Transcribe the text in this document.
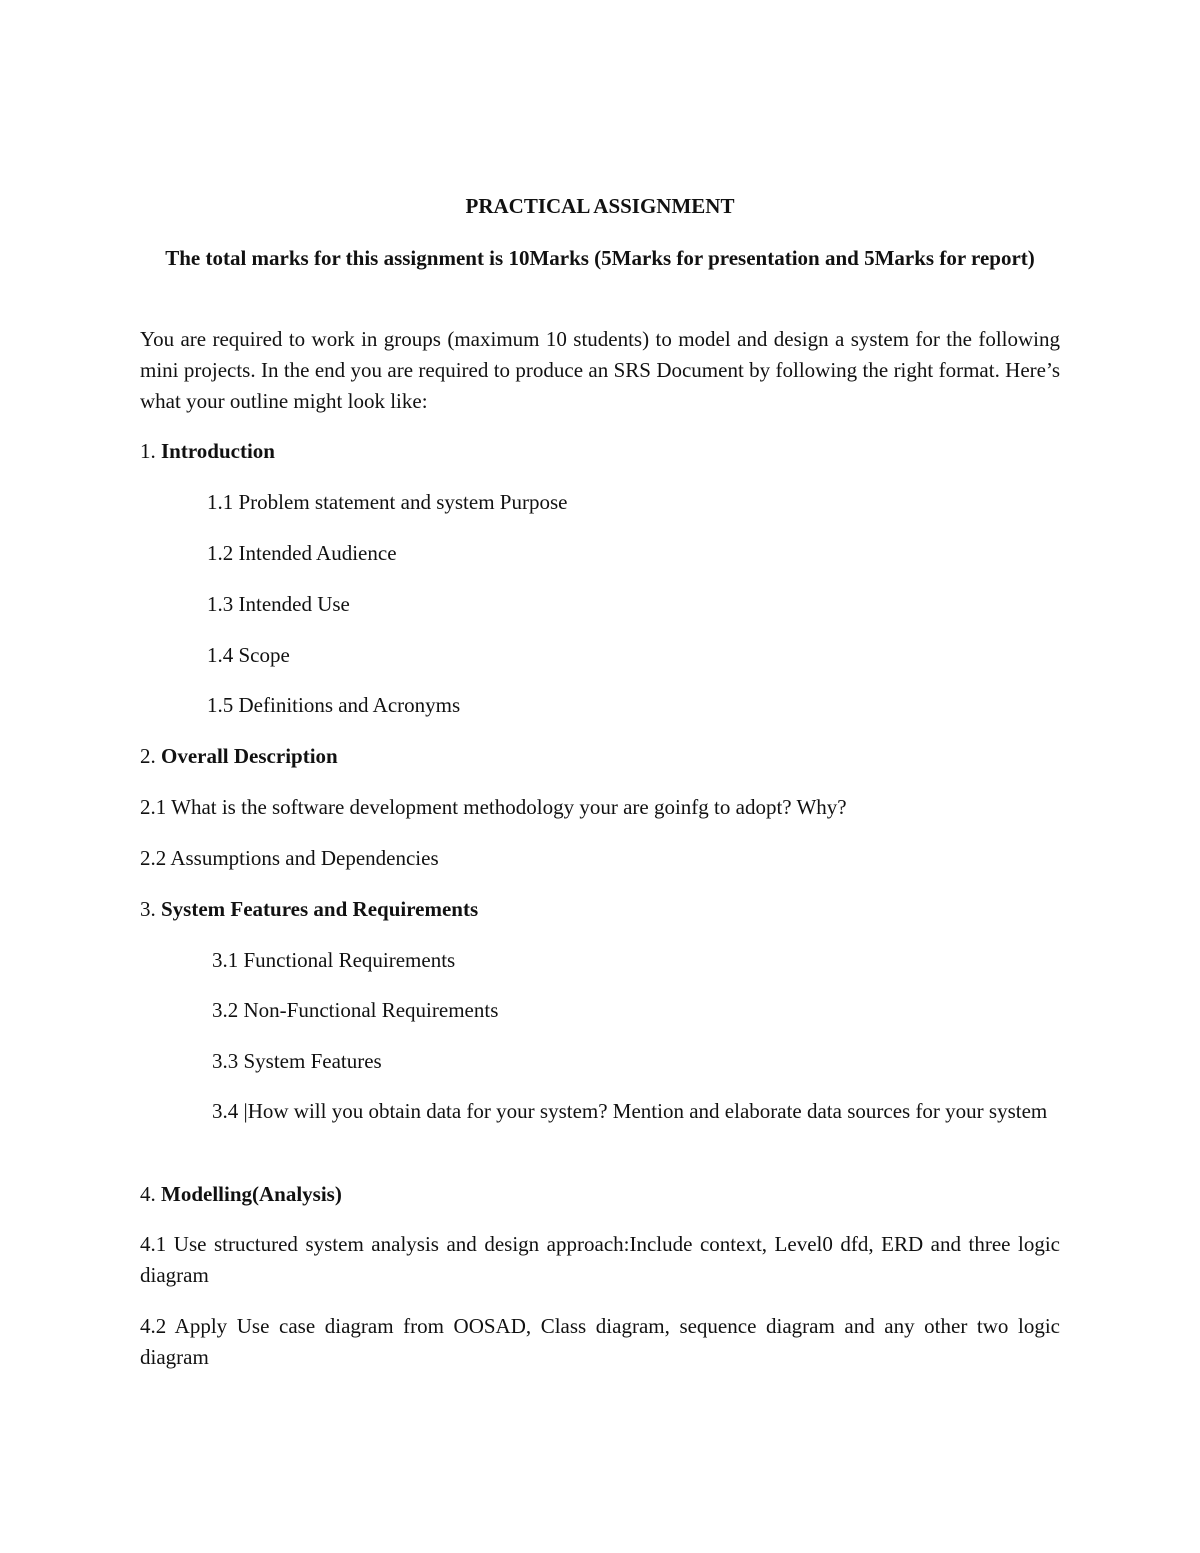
PRACTICAL ASSIGNMENT
The total marks for this assignment is 10Marks (5Marks for presentation and 5Marks for report)
You are required to work in groups (maximum 10 students) to model and design a system for the following mini projects. In the end you are required to produce an SRS Document by following the right format. Here’s what your outline might look like:
1. Introduction
1.1 Problem statement and system Purpose
1.2 Intended Audience
1.3 Intended Use
1.4 Scope
1.5 Definitions and Acronyms
2. Overall Description
2.1 What is the software development methodology your are goinfg to adopt? Why?
2.2 Assumptions and Dependencies
3. System Features and Requirements
3.1 Functional Requirements
3.2 Non-Functional Requirements
3.3 System Features
3.4 |How will you obtain data for your system? Mention and elaborate data sources for your system
4. Modelling(Analysis)
4.1 Use structured system analysis and design approach:Include context, Level0 dfd, ERD and three logic diagram
4.2 Apply Use case diagram from OOSAD, Class diagram, sequence diagram and any other two logic diagram
